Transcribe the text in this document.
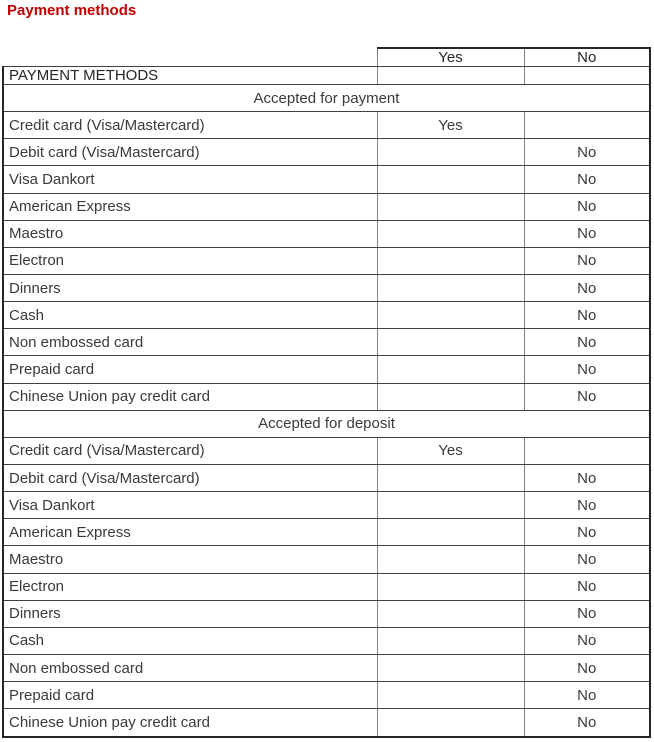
Payment methods
	Yes	No
PAYMENT METHODS		
Accepted for payment		
Credit card (Visa/Mastercard)	Yes	
Debit card (Visa/Mastercard)		No
Visa Dankort		No
American Express		No
Maestro		No
Electron		No
Dinners		No
Cash		No
Non embossed card		No
Prepaid card		No
Chinese Union pay credit card		No
Accepted for deposit		
Credit card (Visa/Mastercard)	Yes	
Debit card (Visa/Mastercard)		No
Visa Dankort		No
American Express		No
Maestro		No
Electron		No
Dinners		No
Cash		No
Non embossed card		No
Prepaid card		No
Chinese Union pay credit card		No
